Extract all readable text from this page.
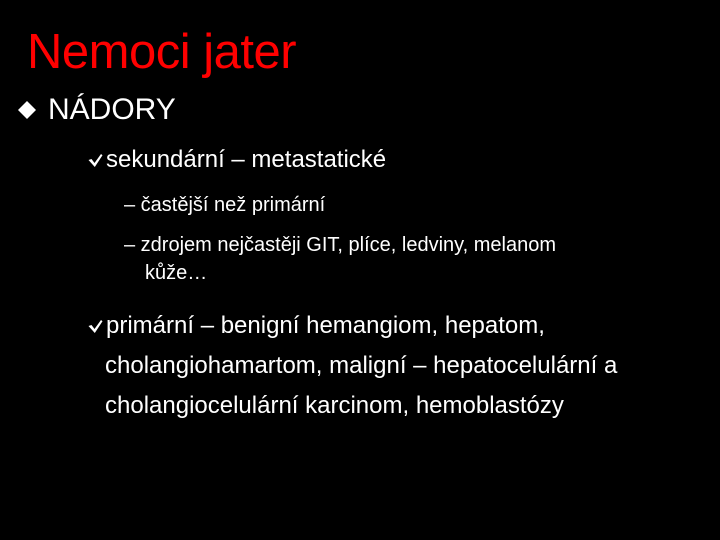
Nemoci jater
NÁDORY
sekundární – metastatické
– častější než primární
– zdrojem nejčastěji GIT, plíce, ledviny, melanom
kůže…
primární – benigní hemangiom, hepatom,
cholangiohamartom, maligní – hepatocelulární a
cholangiocelulární karcinom, hemoblastózy
